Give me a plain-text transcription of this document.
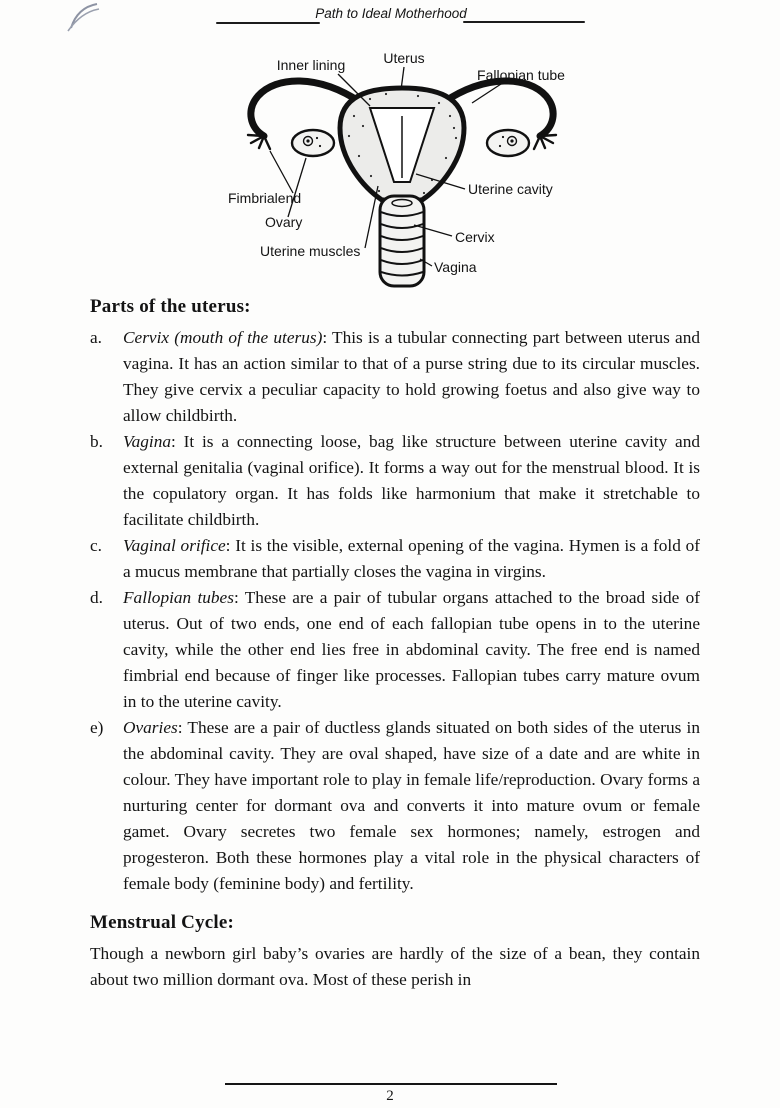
Path to Ideal Motherhood
Inner lining	Uterus
Fallopian tube
Fimbrialend
Ovary
Uterine muscles
Uterine cavity
Cervix
Vagina
Parts of the uterus:
a.	Cervix (mouth of the uterus): This is a tubular connecting part between uterus and vagina. It has an action similar to that of a purse string due to its circular muscles. They give cervix a peculiar capacity to hold growing foetus and also give way to allow childbirth.
b.	Vagina: It is a connecting loose, bag like structure between uterine cavity and external genitalia (vaginal orifice). It forms a way out for the menstrual blood. It is the copulatory organ. It has folds like harmonium that make it stretchable to facilitate childbirth.
c.	Vaginal orifice: It is the visible, external opening of the vagina. Hymen is a fold of a mucus membrane that partially closes the vagina in virgins.
d.	Fallopian tubes: These are a pair of tubular organs attached to the broad side of uterus. Out of two ends, one end of each fallopian tube opens in to the uterine cavity, while the other end lies free in abdominal cavity. The free end is named fimbrial end because of finger like processes. Fallopian tubes carry mature ovum in to the uterine cavity.
e)	Ovaries: These are a pair of ductless glands situated on both sides of the uterus in the abdominal cavity. They are oval shaped, have size of a date and are white in colour. They have important role to play in female life/reproduction. Ovary forms a nurturing center for dormant ova and converts it into mature ovum or female gamet. Ovary secretes two female sex hormones; namely, estrogen and progesteron. Both these hormones play a vital role in the physical characters of female body (feminine body) and fertility.
Menstrual Cycle:

Though a newborn girl baby’s ovaries are hardly of the size of a bean, they contain about two million dormant ova. Most of these perish in

2
